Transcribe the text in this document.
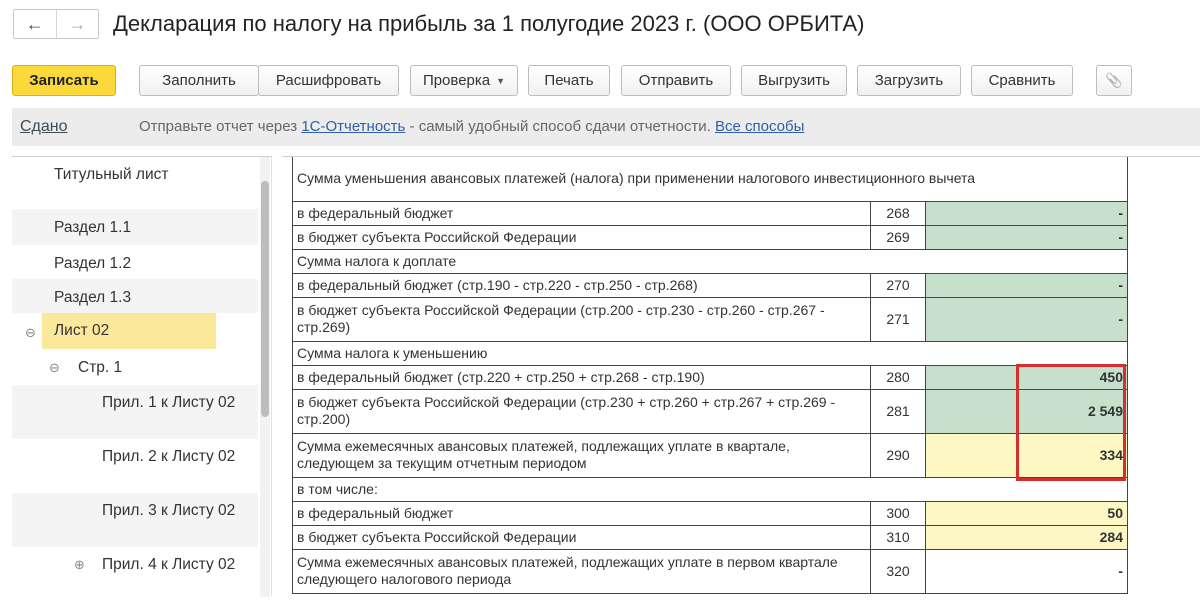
← → Декларация по налогу на прибыль за 1 полугодие 2023 г. (ООО ОРБИТА)
Записать	Заполнить	Расшифровать	Проверка ▼	Печать	Отправить	Выгрузить	Загрузить	Сравнить	📎
Сдано	Отправьте отчет через 1С-Отчетность - самый удобный способ сдачи отчетности. Все способы
Титульный лист
Раздел 1.1
Раздел 1.2
Раздел 1.3
⊖	Лист 02
⊖ Стр. 1
Прил. 1 к Листу 02
Прил. 2 к Листу 02
Прил. 3 к Листу 02
⊕ Прил. 4 к Листу 02
Сумма уменьшения авансовых платежей (налога) при применении налогового инвестиционного вычета		
в федеральный бюджет	268	-
в бюджет субъекта Российской Федерации	269	-
Сумма налога к доплате		
в федеральный бюджет (стр.190 - стр.220 - стр.250 - стр.268)	270	-
в бюджет субъекта Российской Федерации (стр.200 - стр.230 - стр.260 - стр.267 - стр.269)	271	-
Сумма налога к уменьшению		
в федеральный бюджет (стр.220 + стр.250 + стр.268 - стр.190)	280	450
в бюджет субъекта Российской Федерации (стр.230 + стр.260 + стр.267 + стр.269 - стр.200)	281	2 549
Сумма ежемесячных авансовых платежей, подлежащих уплате в квартале, следующем за текущим отчетным периодом	290	334
в том числе:		
в федеральный бюджет	300	50
в бюджет субъекта Российской Федерации	310	284
Сумма ежемесячных авансовых платежей, подлежащих уплате в первом квартале следующего налогового периода	320	-
